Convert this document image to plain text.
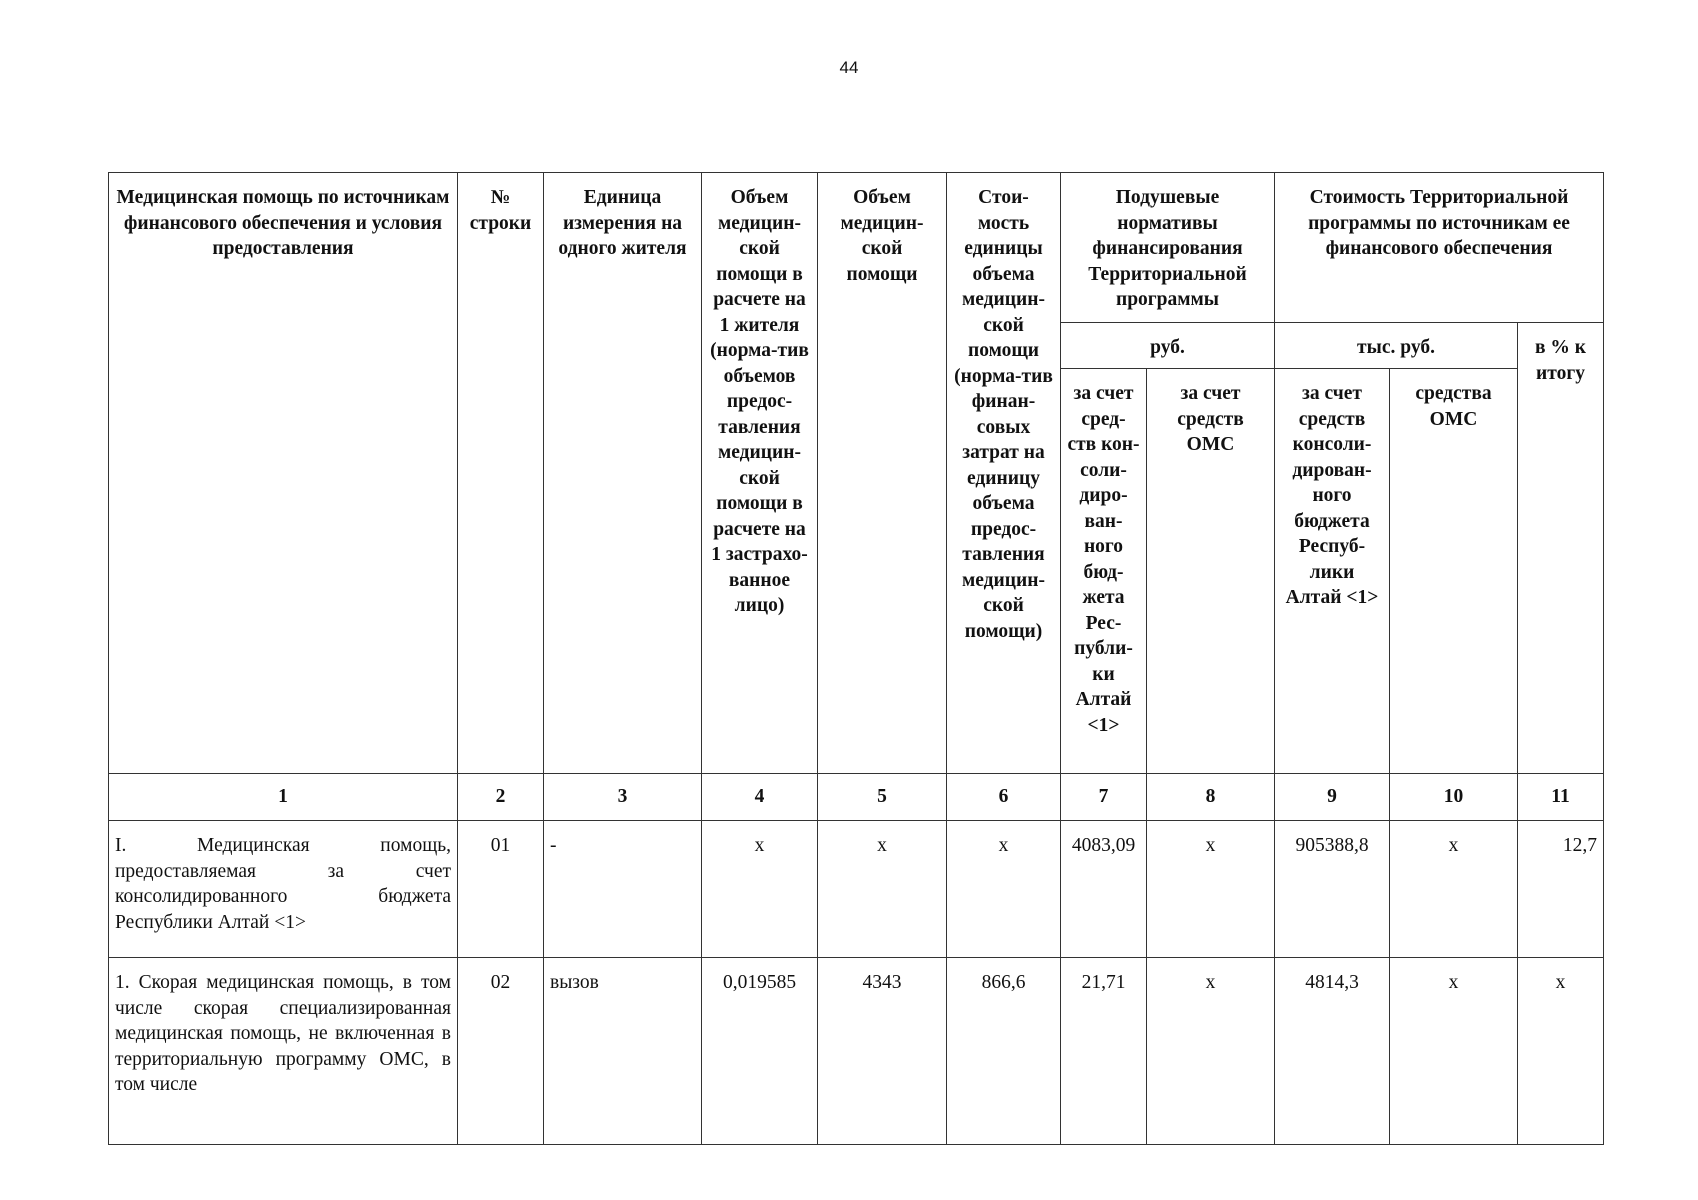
44
Медицинская помощь по источникам финансового обеспечения и условия предоставления	№ строки	Единица измерения на одного жителя	Объем медицин-ской помощи в расчете на 1 жителя (норма-тив объемов предос-тавления медицин-ской помощи в расчете на 1 застрахо-ванное лицо)	Объем медицин-ской помощи	Стои-мость единицы объема медицин-ской помощи (норма-тив финан-совых затрат на единицу объема предос-тавления медицин-ской помощи)	Подушевые нормативы финансирования Территориальной программы		Стоимость Территориальной программы по источникам ее финансового обеспечения		

						руб.		тыс. руб.		в % к итогу

						за счет сред-ств кон-соли-диро-ван-ного бюд-жета Рес-публи-ки Алтай <1>	за счет средств ОМС	за счет средств консоли-дирован-ного бюджета Респуб-лики Алтай <1>	средства ОМС	

1	2	3	4	5	6	7	8	9	10	11
I. Медицинская помощь, предоставляемая за счет консолидированного бюджета Республики Алтай <1>	01	-	х	х	х	4083,09	х	905388,8	х	12,7
1. Скорая медицинская помощь, в том числе скорая специализированная медицинская помощь, не включенная в территориальную программу ОМС, в том числе	02	вызов	0,019585	4343	866,6	21,71	х	4814,3	х	х
